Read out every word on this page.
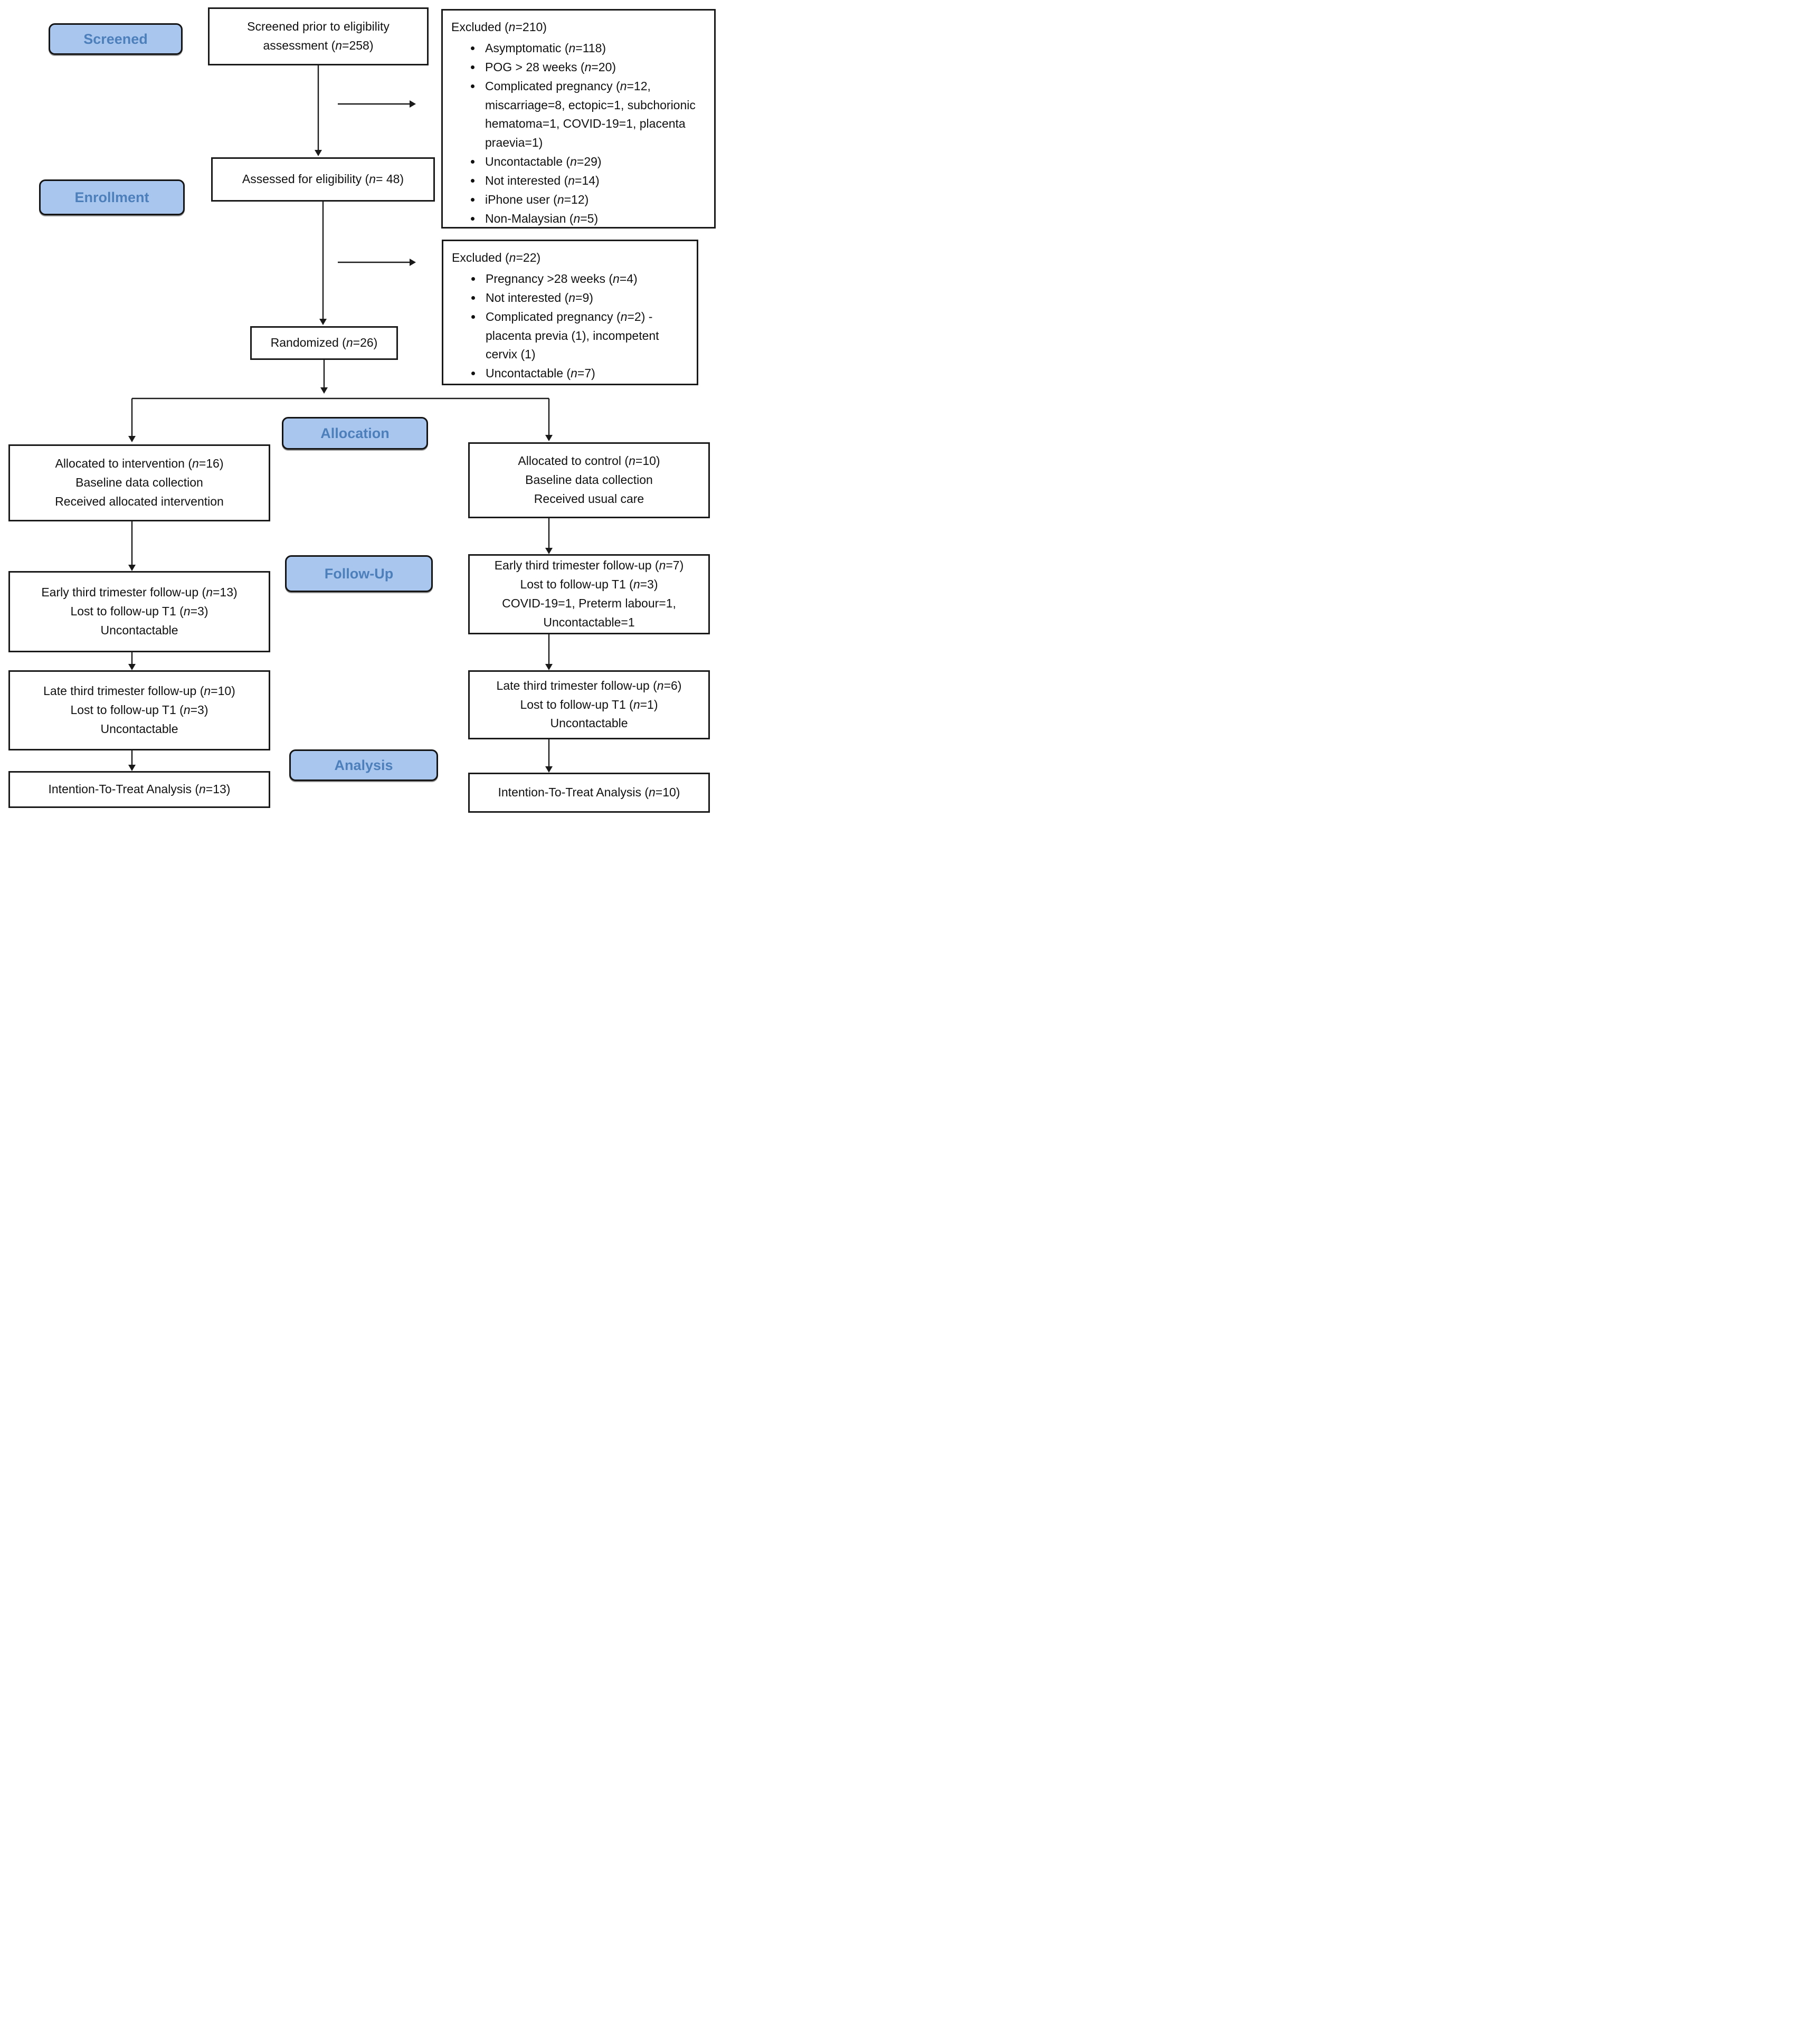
Screened
Enrollment
Allocation
Follow-Up
Analysis
Screened prior to eligibility
assessment (n=258)
Assessed for eligibility (n= 48)
Randomized (n=26)
Excluded (n=210)
• Asymptomatic (n=118)
• POG > 28 weeks (n=20)
• Complicated pregnancy (n=12, miscarriage=8, ectopic=1, subchorionic hematoma=1, COVID-19=1, placenta praevia=1)
• Uncontactable (n=29)
• Not interested (n=14)
• iPhone user (n=12)
• Non-Malaysian (n=5)
Excluded (n=22)
• Pregnancy >28 weeks (n=4)
• Not interested (n=9)
• Complicated pregnancy (n=2) - placenta previa (1), incompetent cervix (1)
• Uncontactable (n=7)
Allocated to intervention (n=16)
Baseline data collection
Received allocated intervention
Allocated to control (n=10)
Baseline data collection
Received usual care
Early third trimester follow-up (n=13)
Lost to follow-up T1 (n=3)
Uncontactable
Early third trimester follow-up (n=7)
Lost to follow-up T1 (n=3)
COVID-19=1, Preterm labour=1,
Uncontactable=1
Late third trimester follow-up (n=10)
Lost to follow-up T1 (n=3)
Uncontactable
Late third trimester follow-up (n=6)
Lost to follow-up T1 (n=1)
Uncontactable
Intention-To-Treat Analysis (n=13)	Intention-To-Treat Analysis (n=10)
